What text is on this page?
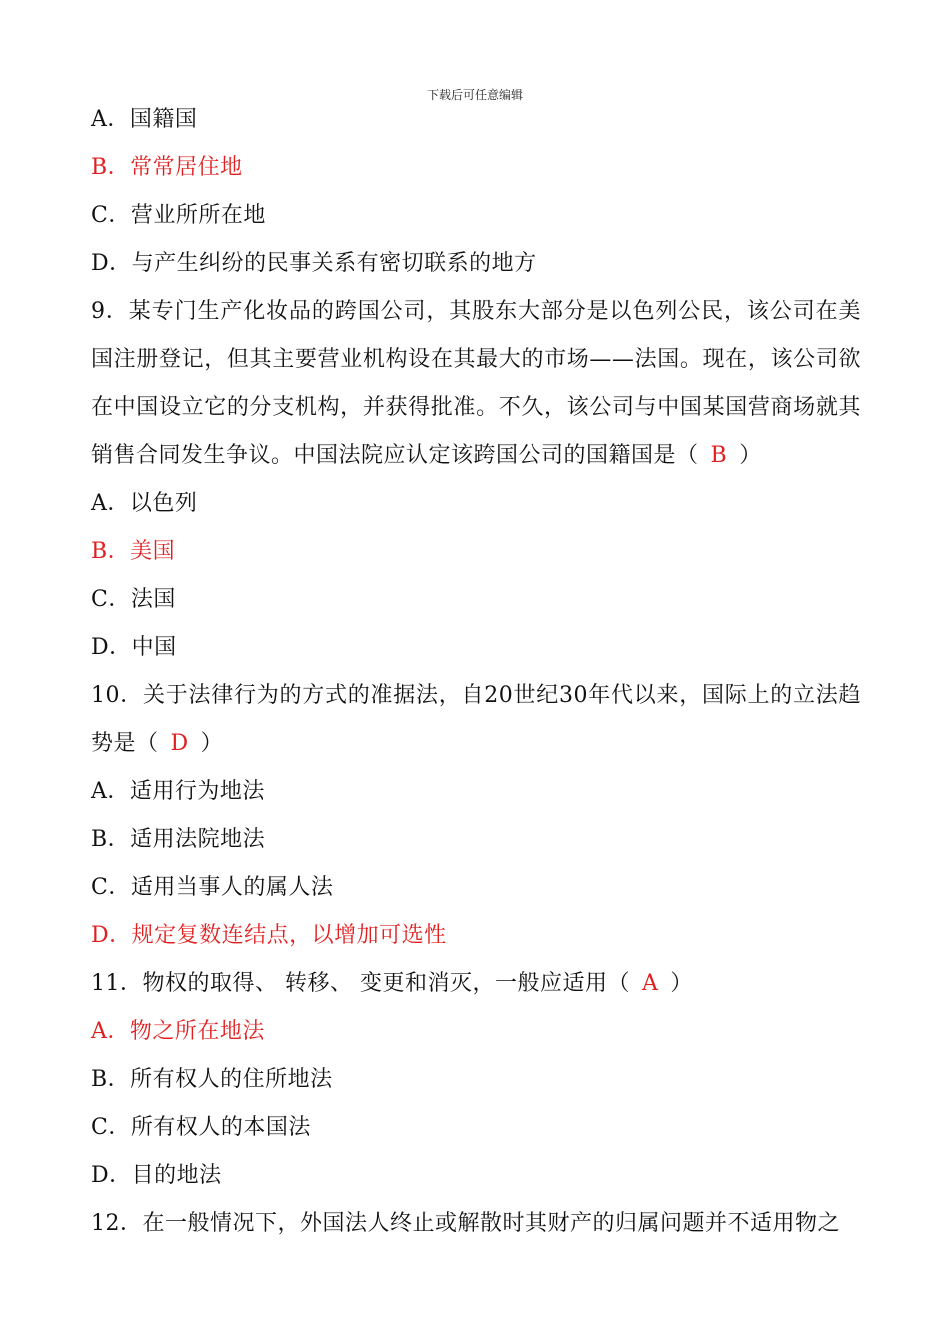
下载后可任意编辑
A．国籍国
B．常常居住地
C．营业所所在地
D．与产生纠纷的民事关系有密切联系的地方
9．某专门生产化妆品的跨国公司，其股东大部分是以色列公民，该公司在美国注册登记，但其主要营业机构设在其最大的市场——法国。现在，该公司欲在中国设立它的分支机构，并获得批准。不久，该公司与中国某国营商场就其销售合同发生争议。中国法院应认定该跨国公司的国籍国是（ B ）
A．以色列
B．美国
C．法国
D．中国
10．关于法律行为的方式的准据法，自20世纪30年代以来，国际上的立法趋势是（ D ）
A．适用行为地法
B．适用法院地法
C．适用当事人的属人法
D．规定复数连结点，以增加可选性
11．物权的取得、 转移、 变更和消灭，一般应适用（ A ）
A．物之所在地法
B．所有权人的住所地法
C．所有权人的本国法
D．目的地法
12．在一般情况下，外国法人终止或解散时其财产的归属问题并不适用物之
